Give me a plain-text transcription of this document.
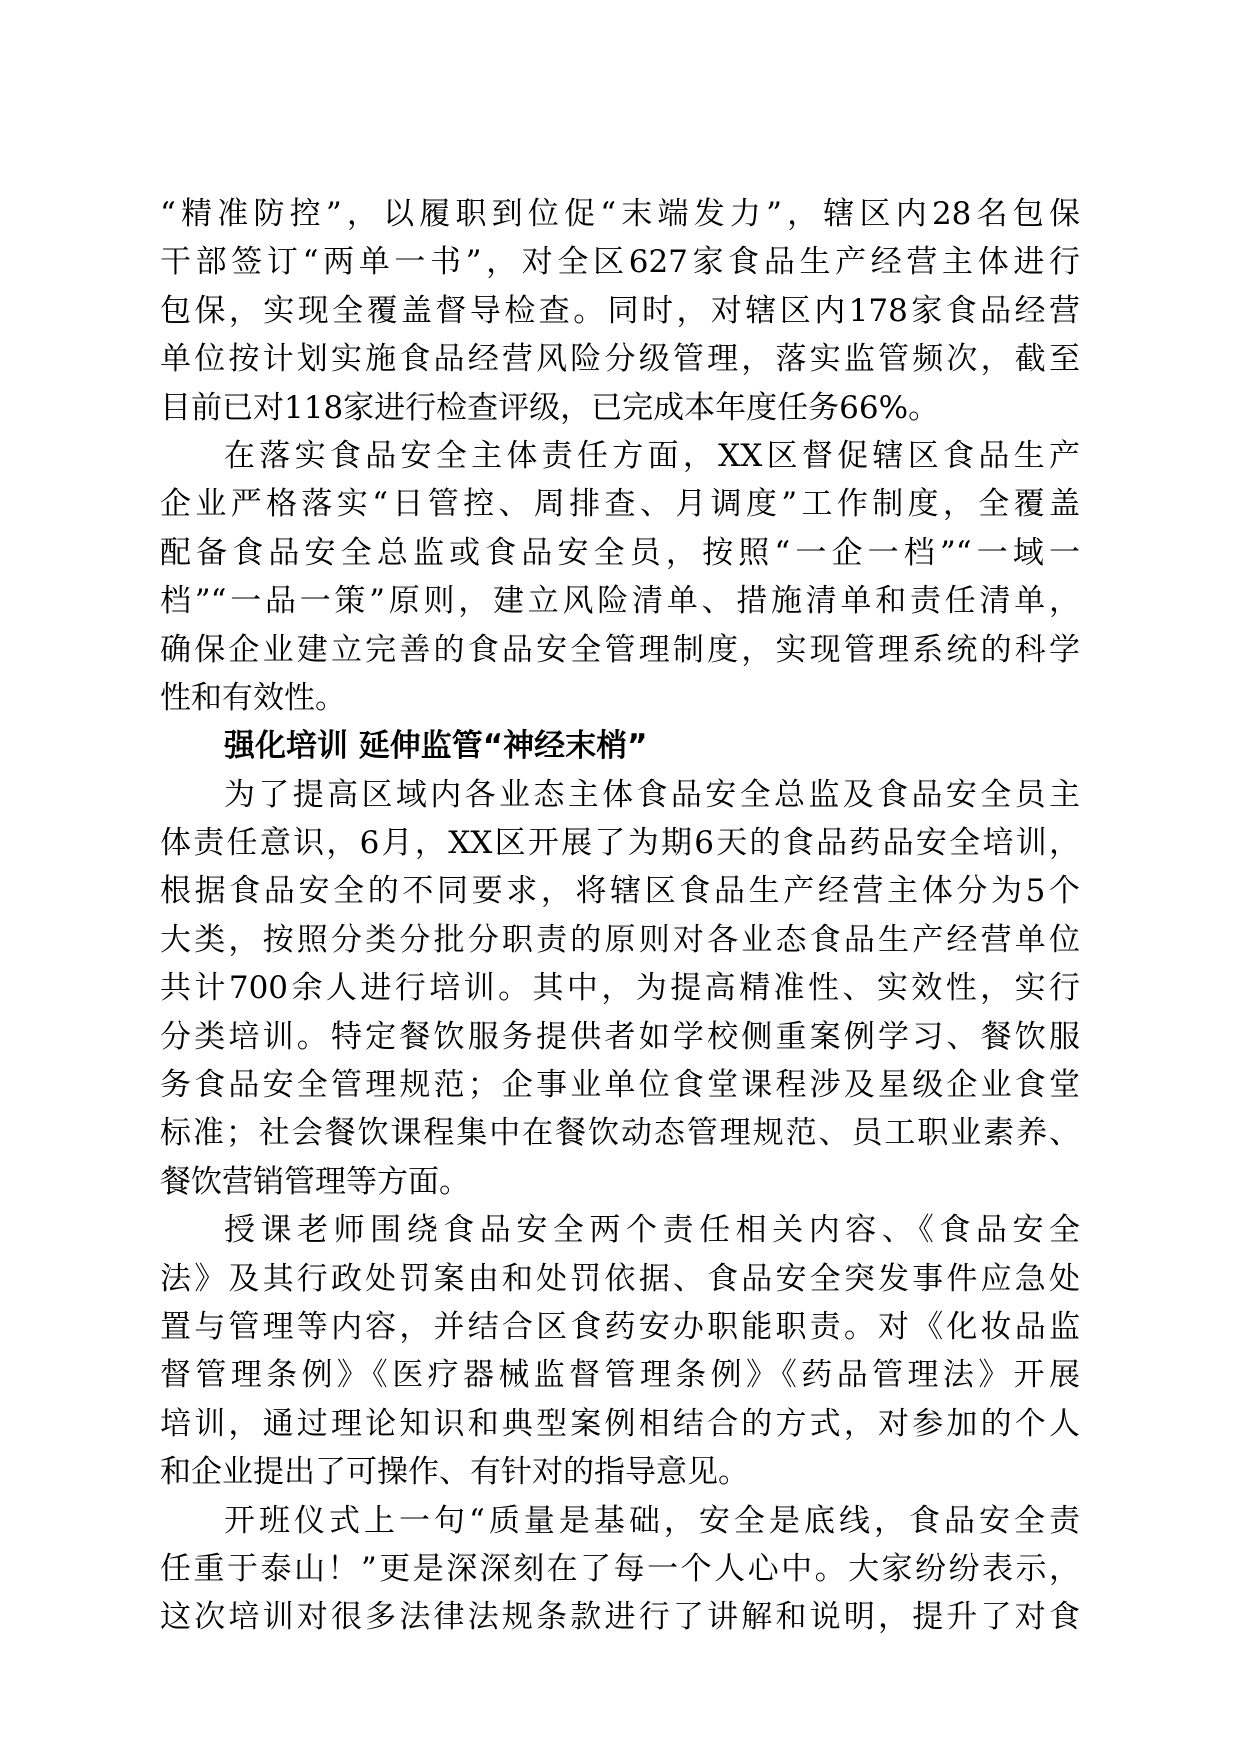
“精准防控”，以履职到位促“末端发力”，辖区内28名包保
干部签订“两单一书”，对全区627家食品生产经营主体进行
包保，实现全覆盖督导检查。同时，对辖区内178家食品经营
单位按计划实施食品经营风险分级管理，落实监管频次，截至
目前已对118家进行检查评级，已完成本年度任务66%。
在落实食品安全主体责任方面，XX区督促辖区食品生产
企业严格落实“日管控、周排查、月调度”工作制度，全覆盖
配备食品安全总监或食品安全员，按照“一企一档”“一域一
档”“一品一策”原则，建立风险清单、措施清单和责任清单，
确保企业建立完善的食品安全管理制度，实现管理系统的科学
性和有效性。
强化培训 延伸监管“神经末梢”
为了提高区域内各业态主体食品安全总监及食品安全员主
体责任意识，6月，XX区开展了为期6天的食品药品安全培训，
根据食品安全的不同要求，将辖区食品生产经营主体分为5个
大类，按照分类分批分职责的原则对各业态食品生产经营单位
共计700余人进行培训。其中，为提高精准性、实效性，实行
分类培训。特定餐饮服务提供者如学校侧重案例学习、餐饮服
务食品安全管理规范；企事业单位食堂课程涉及星级企业食堂
标准；社会餐饮课程集中在餐饮动态管理规范、员工职业素养、
餐饮营销管理等方面。
授课老师围绕食品安全两个责任相关内容、《食品安全
法》及其行政处罚案由和处罚依据、食品安全突发事件应急处
置与管理等内容，并结合区食药安办职能职责。对《化妆品监
督管理条例》《医疗器械监督管理条例》《药品管理法》开展
培训，通过理论知识和典型案例相结合的方式，对参加的个人
和企业提出了可操作、有针对的指导意见。
开班仪式上一句“质量是基础，安全是底线，食品安全责
任重于泰山！”更是深深刻在了每一个人心中。大家纷纷表示，
这次培训对很多法律法规条款进行了讲解和说明，提升了对食
